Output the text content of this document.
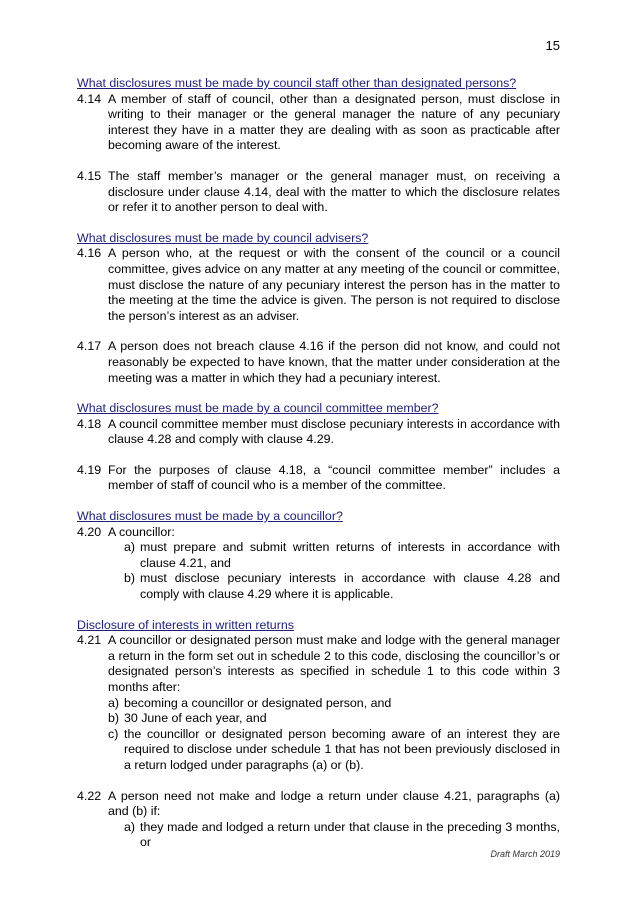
15

What disclosures must be made by council staff other than designated persons?

4.14 A member of staff of council, other than a designated person, must disclose in writing to their manager or the general manager the nature of any pecuniary interest they have in a matter they are dealing with as soon as practicable after becoming aware of the interest.

4.15 The staff member’s manager or the general manager must, on receiving a disclosure under clause 4.14, deal with the matter to which the disclosure relates or refer it to another person to deal with.

What disclosures must be made by council advisers?

4.16 A person who, at the request or with the consent of the council or a council committee, gives advice on any matter at any meeting of the council or committee, must disclose the nature of any pecuniary interest the person has in the matter to the meeting at the time the advice is given. The person is not required to disclose the person’s interest as an adviser.

4.17 A person does not breach clause 4.16 if the person did not know, and could not reasonably be expected to have known, that the matter under consideration at the meeting was a matter in which they had a pecuniary interest.

What disclosures must be made by a council committee member?

4.18 A council committee member must disclose pecuniary interests in accordance with clause 4.28 and comply with clause 4.29.

4.19 For the purposes of clause 4.18, a “council committee member” includes a member of staff of council who is a member of the committee.

What disclosures must be made by a councillor?

4.20 A councillor:

a) must prepare and submit written returns of interests in accordance with clause 4.21, and
b) must disclose pecuniary interests in accordance with clause 4.28 and comply with clause 4.29 where it is applicable.

Disclosure of interests in written returns

4.21 A councillor or designated person must make and lodge with the general manager a return in the form set out in schedule 2 to this code, disclosing the councillor’s or designated person’s interests as specified in schedule 1 to this code within 3 months after:

a) becoming a councillor or designated person, and
b) 30 June of each year, and
c) the councillor or designated person becoming aware of an interest they are required to disclose under schedule 1 that has not been previously disclosed in a return lodged under paragraphs (a) or (b).
4.22 A person need not make and lodge a return under clause 4.21, paragraphs (a) and (b) if:

a) they made and lodged a return under that clause in the preceding 3 months, or
Draft March 2019
